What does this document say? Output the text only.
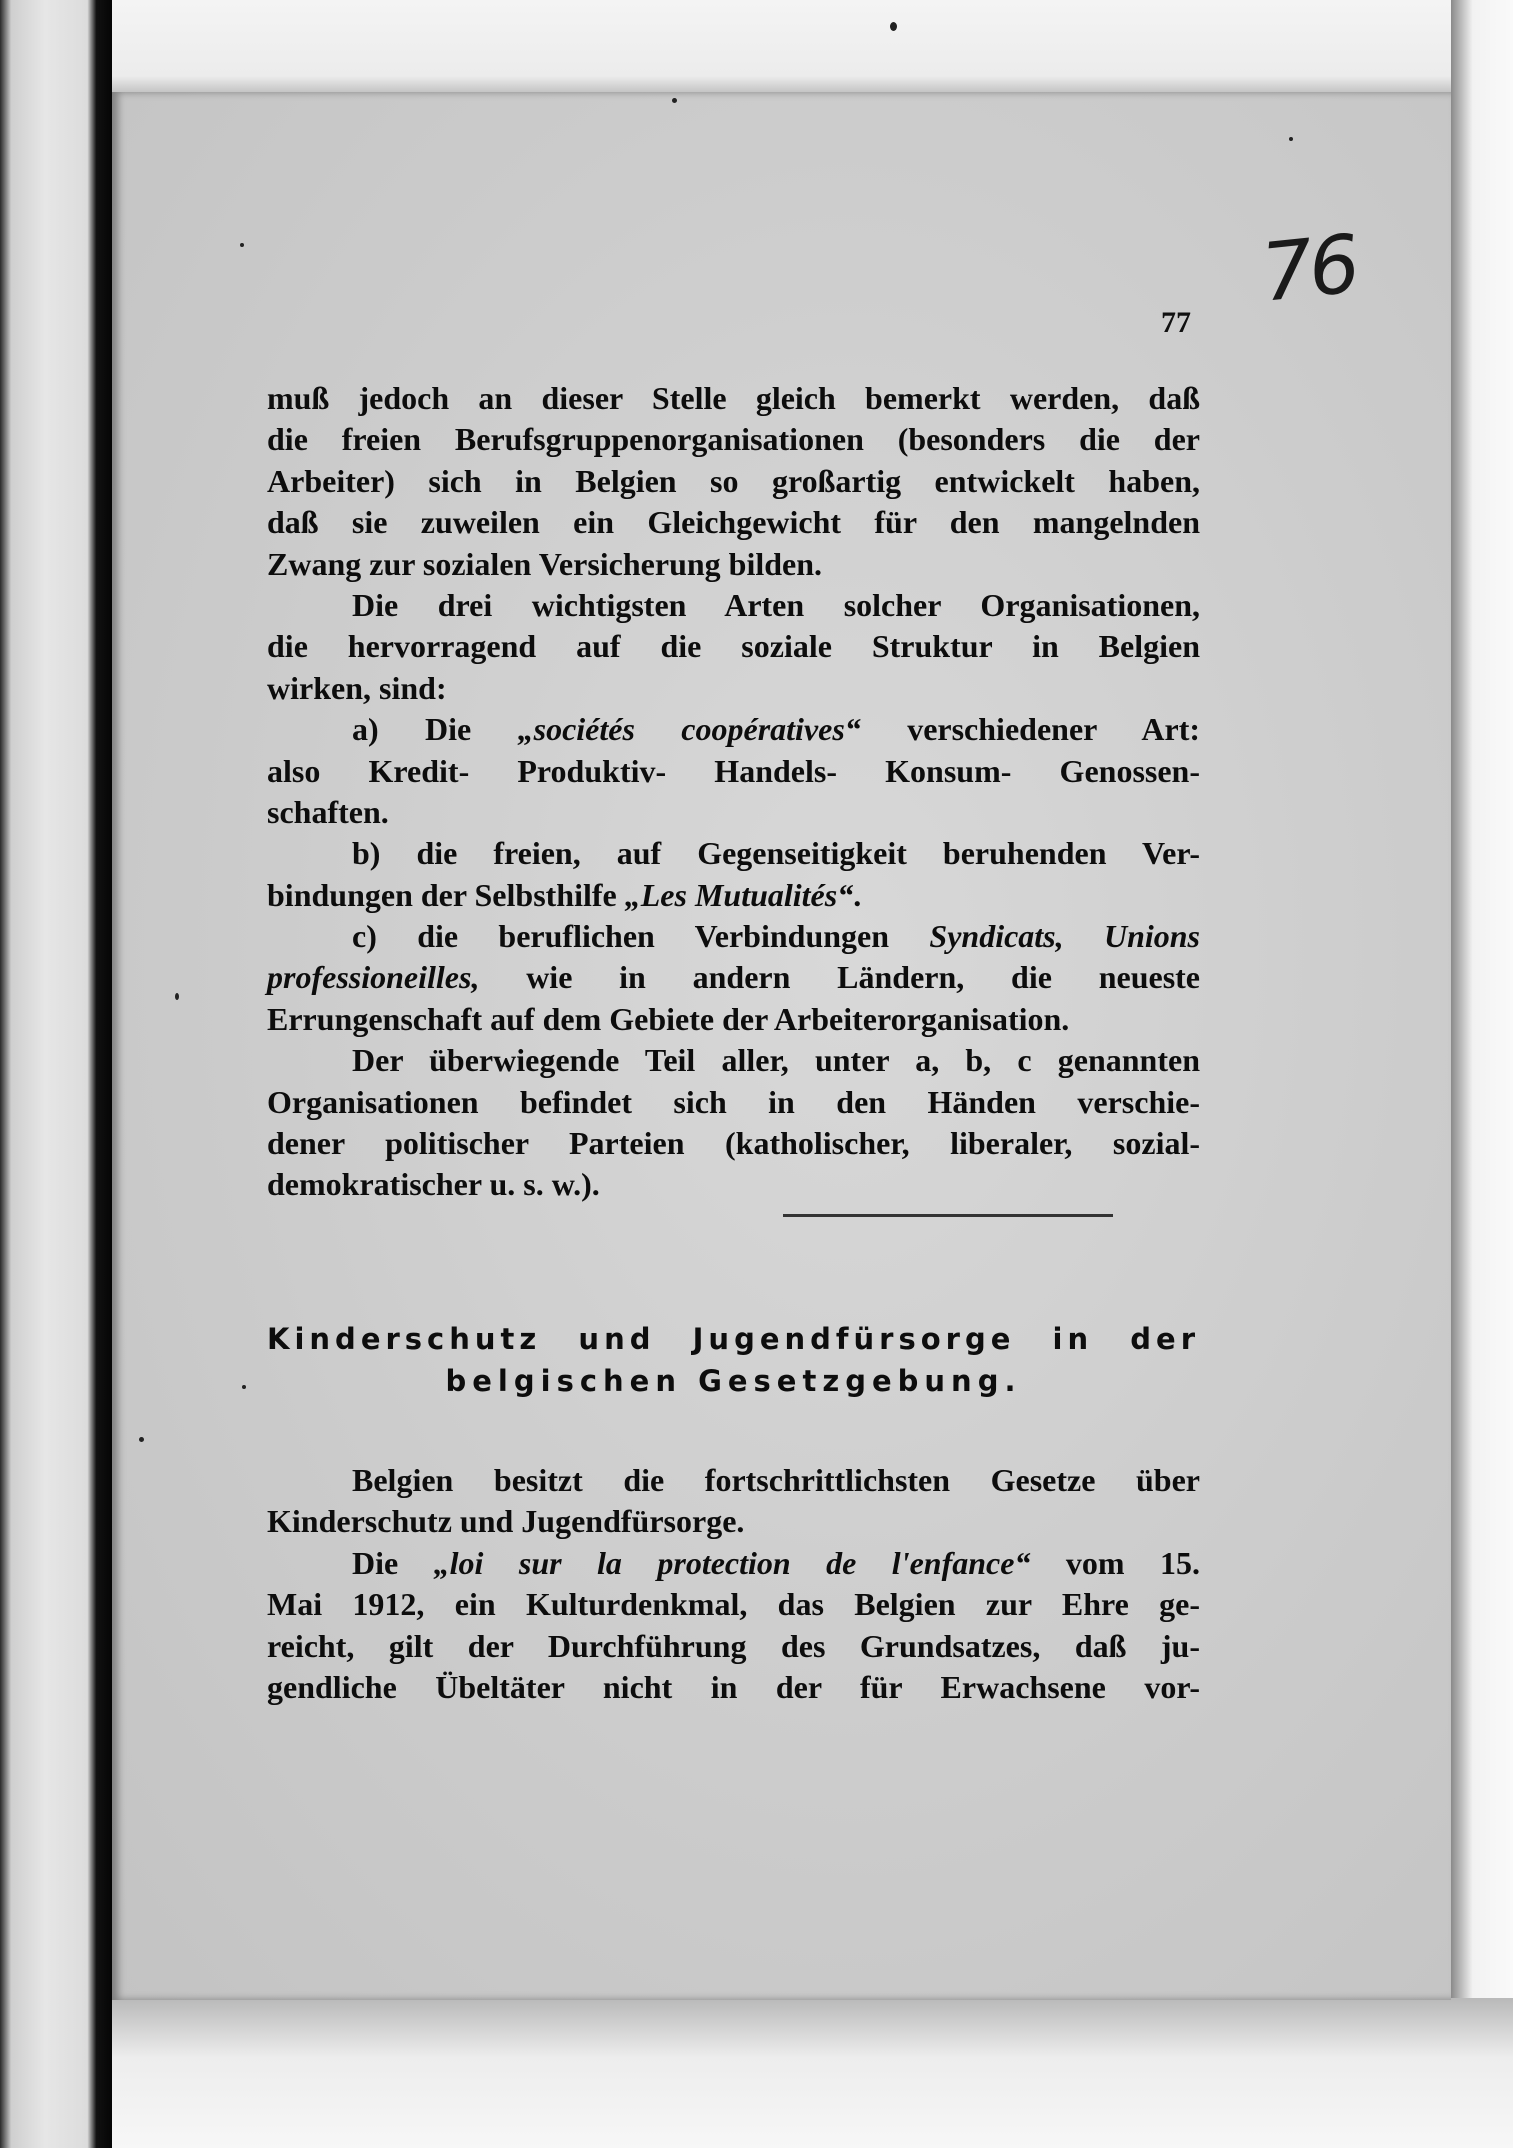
76
77
muß jedoch an dieser Stelle gleich bemerkt werden, daß
die freien Berufsgruppenorganisationen (besonders die der
Arbeiter) sich in Belgien so großartig entwickelt haben,
daß sie zuweilen ein Gleichgewicht für den mangelnden
Zwang zur sozialen Versicherung bilden.
Die drei wichtigsten Arten solcher Organisationen,
die hervorragend auf die soziale Struktur in Belgien
wirken, sind:
a) Die „sociétés coopératives“ verschiedener Art:
also Kredit- Produktiv- Handels- Konsum- Genossen-
schaften.
b) die freien, auf Gegenseitigkeit beruhenden Ver-
bindungen der Selbsthilfe „Les Mutualités“.
c) die beruflichen Verbindungen Syndicats, Unions
professioneilles, wie in andern Ländern, die neueste
Errungenschaft auf dem Gebiete der Arbeiterorganisation.
Der überwiegende Teil aller, unter a, b, c genannten
Organisationen befindet sich in den Händen verschie-
dener politischer Parteien (katholischer, liberaler, sozial-
demokratischer u. s. w.).
Kinderschutz und Jugendfürsorge in der
belgischen Gesetzgebung.
Belgien besitzt die fortschrittlichsten Gesetze über
Kinderschutz und Jugendfürsorge.
Die „loi sur la protection de l'enfance“ vom 15.
Mai 1912, ein Kulturdenkmal, das Belgien zur Ehre ge-
reicht, gilt der Durchführung des Grundsatzes, daß ju-
gendliche Übeltäter nicht in der für Erwachsene vor-
